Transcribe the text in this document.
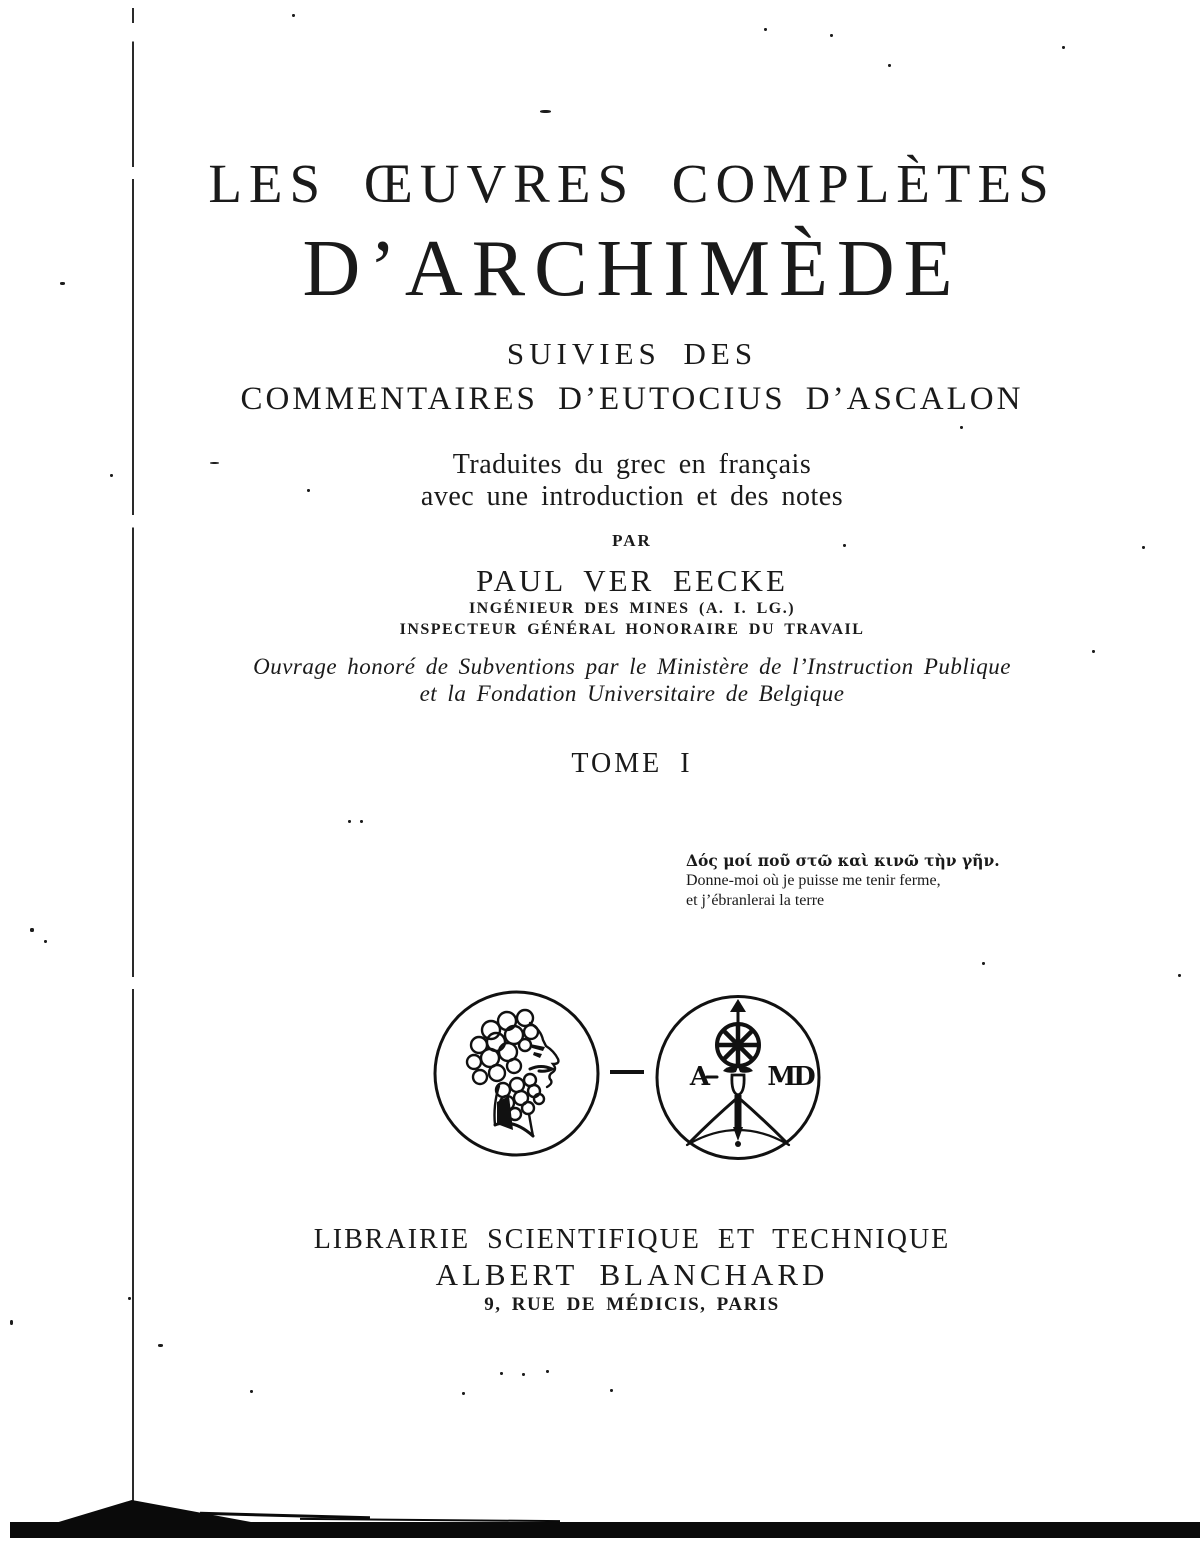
LES ŒUVRES COMPLÈTES
D’ARCHIMÈDE
SUIVIES DES
COMMENTAIRES D’EUTOCIUS D’ASCALON
Traduites du grec en français
avec une introduction et des notes
PAR
PAUL VER EECKE
INGÉNIEUR DES MINES (A. I. LG.)
INSPECTEUR GÉNÉRAL HONORAIRE DU TRAVAIL
Ouvrage honoré de Subventions par le Ministère de l’Instruction Publique
et la Fondation Universitaire de Belgique
TOME I
Δός μοί ποῦ στῶ καὶ κινῶ τὴν γῆν.
Donne-moi où je puisse me tenir ferme,
et j’ébranlerai la terre
A MD
LIBRAIRIE SCIENTIFIQUE ET TECHNIQUE
ALBERT BLANCHARD
9, RUE DE MÉDICIS, PARIS
